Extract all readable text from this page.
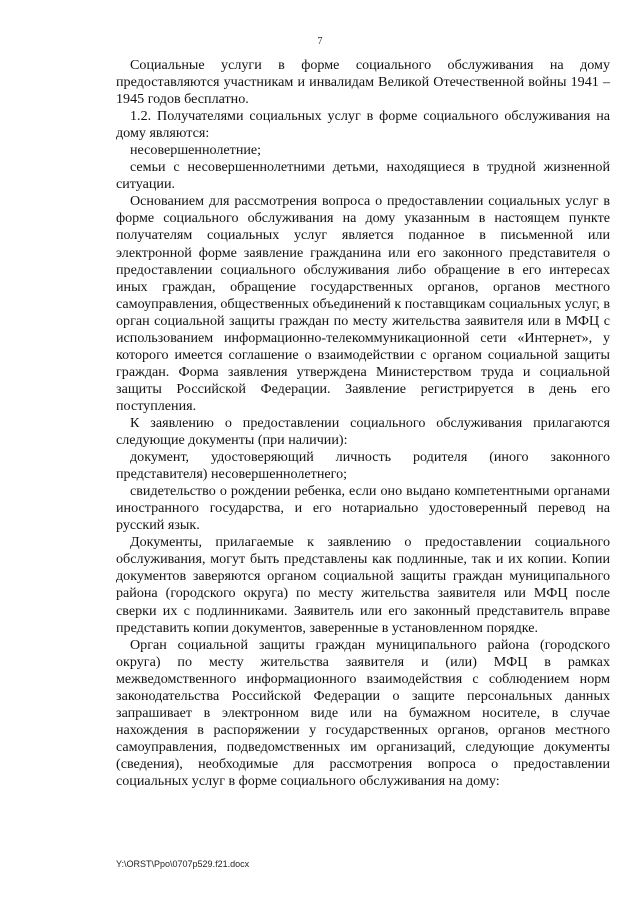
7

Социальные услуги в форме социального обслуживания на дому предоставляются участникам и инвалидам Великой Отечественной войны 1941 – 1945 годов бесплатно.

1.2. Получателями социальных услуг в форме социального обслуживания на дому являются:

несовершеннолетние;

семьи с несовершеннолетними детьми, находящиеся в трудной жизненной ситуации.

Основанием для рассмотрения вопроса о предоставлении социальных услуг в форме социального обслуживания на дому указанным в настоящем пункте получателям социальных услуг является поданное в письменной или электронной форме заявление гражданина или его законного представителя о предоставлении социального обслуживания либо обращение в его интересах иных граждан, обращение государственных органов, органов местного самоуправления, общественных объединений к поставщикам социальных услуг, в орган социальной защиты граждан по месту жительства заявителя или в МФЦ с использованием информационно-телекоммуникационной сети «Интернет», у которого имеется соглашение о взаимодействии с органом социальной защиты граждан. Форма заявления утверждена Министерством труда и социальной защиты Российской Федерации. Заявление регистрируется в день его поступления.

К заявлению о предоставлении социального обслуживания прилагаются следующие документы (при наличии):

документ, удостоверяющий личность родителя (иного законного представителя) несовершеннолетнего;

свидетельство о рождении ребенка, если оно выдано компетентными органами иностранного государства, и его нотариально удостоверенный перевод на русский язык.

Документы, прилагаемые к заявлению о предоставлении социального обслуживания, могут быть представлены как подлинные, так и их копии. Копии документов заверяются органом социальной защиты граждан муниципального района (городского округа) по месту жительства заявителя или МФЦ после сверки их с подлинниками. Заявитель или его законный представитель вправе представить копии документов, заверенные в установленном порядке.

Орган социальной защиты граждан муниципального района (городского округа) по месту жительства заявителя и (или) МФЦ в рамках межведомственного информационного взаимодействия с соблюдением норм законодательства Российской Федерации о защите персональных данных запрашивает в электронном виде или на бумажном носителе, в случае нахождения в распоряжении у государственных органов, органов местного самоуправления, подведомственных им организаций, следующие документы (сведения), необходимые для рассмотрения вопроса о предоставлении социальных услуг в форме социального обслуживания на дому:

Y:\ORST\Ppo\0707p529.f21.docx
